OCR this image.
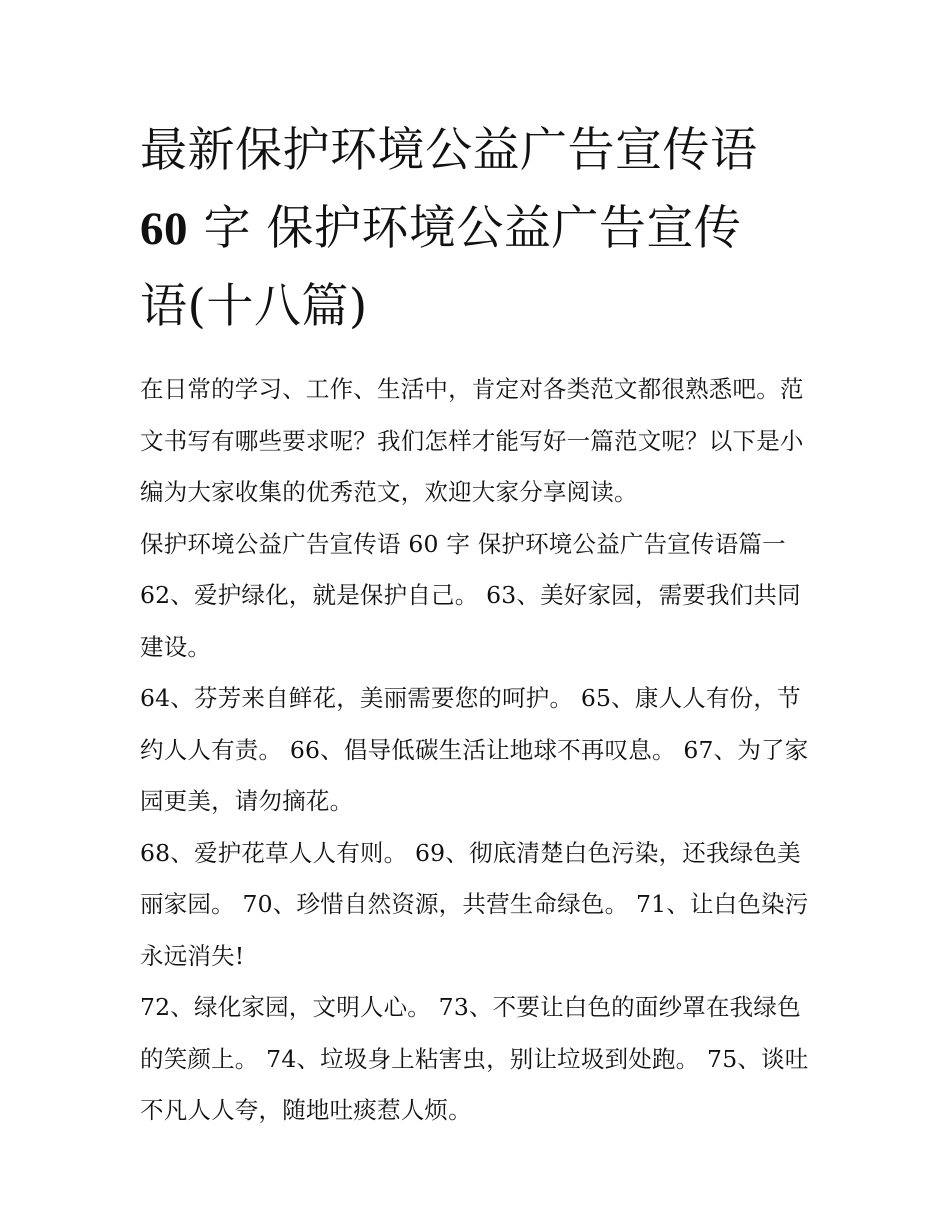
最新保护环境公益广告宣传语
60 字 保护环境公益广告宣传
语(十八篇)

在日常的学习、工作、生活中，肯定对各类范文都很熟悉吧。范文书写有哪些要求呢？我们怎样才能写好一篇范文呢？以下是小编为大家收集的优秀范文，欢迎大家分享阅读。

保护环境公益广告宣传语 60 字 保护环境公益广告宣传语篇一

62、爱护绿化，就是保护自己。 63、美好家园，需要我们共同建设。

64、芬芳来自鲜花，美丽需要您的呵护。 65、康人人有份，节约人人有责。 66、倡导低碳生活让地球不再叹息。 67、为了家园更美，请勿摘花。

68、爱护花草人人有则。 69、彻底清楚白色污染，还我绿色美丽家园。 70、珍惜自然资源，共营生命绿色。 71、让白色染污永远消失!

72、绿化家园，文明人心。 73、不要让白色的面纱罩在我绿色的笑颜上。 74、垃圾身上粘害虫，别让垃圾到处跑。 75、谈吐不凡人人夸，随地吐痰惹人烦。
